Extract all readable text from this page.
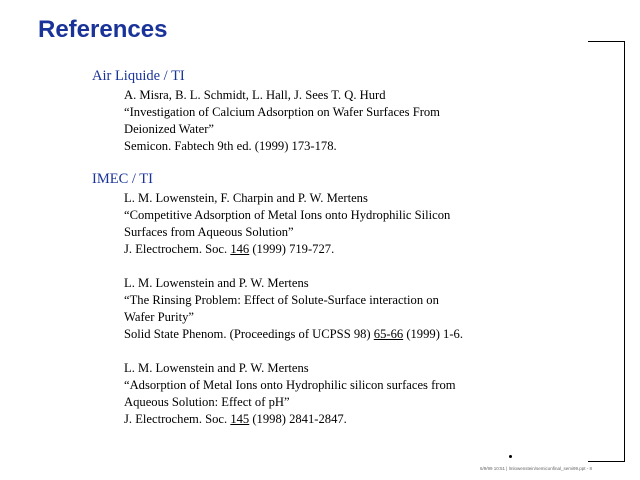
References

Air Liquide / TI

A. Misra, B. L. Schmidt, L. Hall, J. Sees T. Q. Hurd
“Investigation of Calcium Adsorption on Wafer Surfaces From
Deionized Water”
Semicon. Fabtech 9th ed. (1999) 173-178.

IMEC / TI

L. M. Lowenstein, F. Charpin and P. W. Mertens
“Competitive Adsorption of Metal Ions onto Hydrophilic Silicon
Surfaces from Aqueous Solution”
J. Electrochem. Soc. 146 (1999) 719-727.
L. M. Lowenstein and P. W. Mertens
“The Rinsing Problem: Effect of Solute-Surface interaction on
Wafer Purity”
Solid State Phenom. (Proceedings of UCPSS 98) 65-66 (1999) 1-6.
L. M. Lowenstein and P. W. Mertens
“Adsorption of Metal Ions onto Hydrophilic silicon surfaces from
Aqueous Solution: Effect of pH”
J. Electrochem. Soc. 145 (1998) 2841-2847.
6/9/99 10:51 | lmlowenstein/semiconfinal_semi99.ppt - 8
